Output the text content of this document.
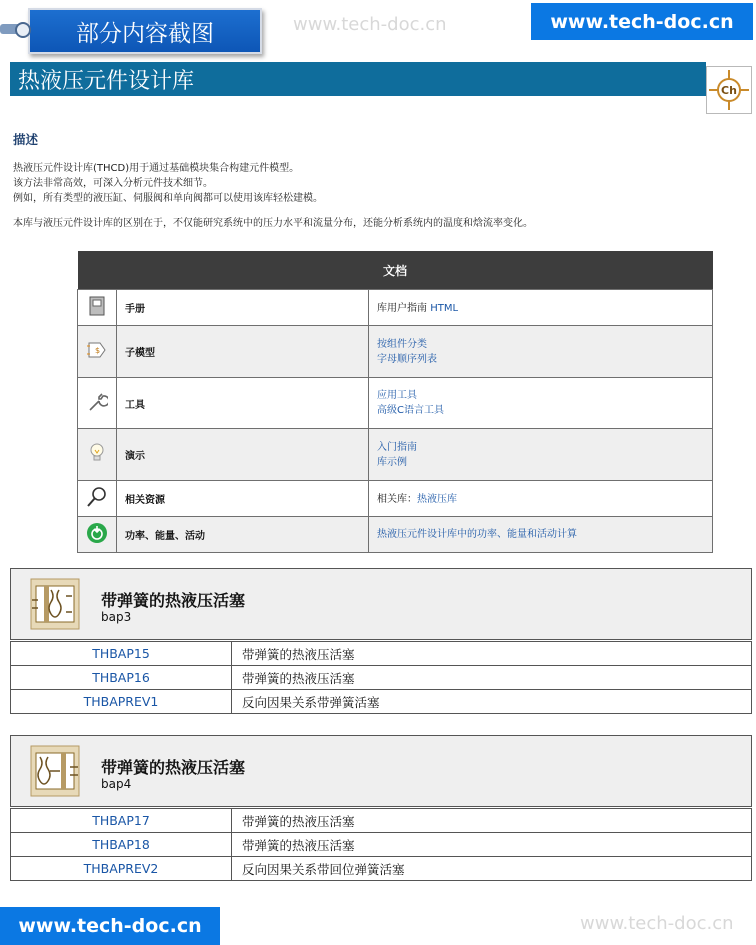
部分内容截图	www.tech-doc.cn	www.tech-doc.cn
热液压元件设计库	Ch
描述
热液压元件设计库(THCD)用于通过基础模块集合构建元件模型。
该方法非常高效，可深入分析元件技术细节。
例如，所有类型的液压缸、伺服阀和单向阀都可以使用该库轻松建模。
本库与液压元件设计库的区别在于，不仅能研究系统中的压力水平和流量分布，还能分析系统内的温度和焓流率变化。
文档		
	手册	库用户指南 HTML

$	子模型	按组件分类
字母顺序列表

	工具	应用工具
高级C语言工具

	演示	入门指南
库示例

	相关资源	相关库：热液压库
	功率、能量、活动	热液压元件设计库中的功率、能量和活动计算
带弹簧的热液压活塞
bap3
THBAP15	带弹簧的热液压活塞
THBAP16	带弹簧的热液压活塞
THBAPREV1	反向因果关系带弹簧活塞
带弹簧的热液压活塞
bap4
THBAP17	带弹簧的热液压活塞
THBAP18	带弹簧的热液压活塞
THBAPREV2	反向因果关系带回位弹簧活塞
www.tech-doc.cn	www.tech-doc.cn
